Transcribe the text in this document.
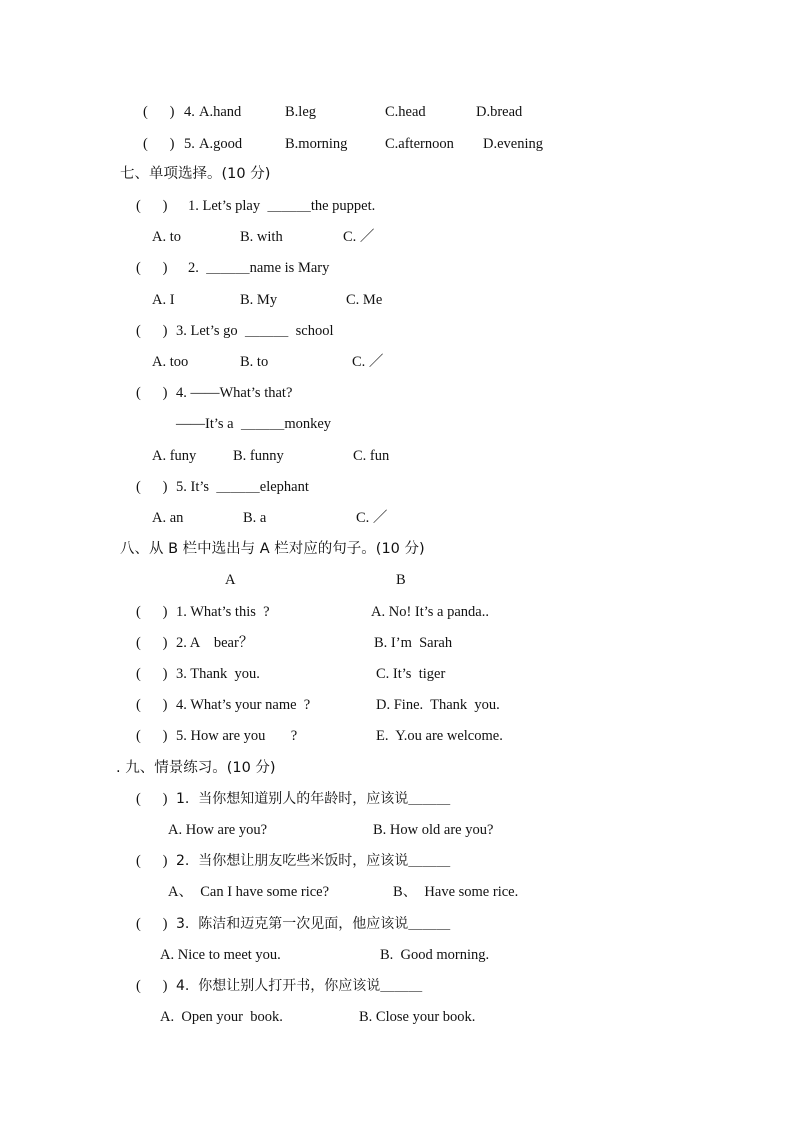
(      ) 4. A.hand	B.leg	C.head	D.bread
(      ) 5. A.good	B.morning	C.afternoon D.evening
七、单项选择。(10 分)
(      ) 1. Let’s play  ＿＿＿the puppet.
A. to	B. with	C. ／
(      ) 2.  ＿＿＿name is Mary
A. I	B. My	C. Me
(      ) 3. Let’s go  ＿＿＿  school
A. too	B. to	C. ／
(      ) 4. ——What’s that?
——It’s a  ＿＿＿monkey
A. funy	B. funny	C. fun
(      ) 5. It’s  ＿＿＿elephant
A. an	B. a	C. ／
八、从 B 栏中选出与 A 栏对应的句子。(10 分)
A	B
(      ) 1. What’s this  ?	A. No! It’s a panda..
(      ) 2. A    bear？	B. I’m  Sarah
(      ) 3. Thank  you.	C. It’s  tiger
(      ) 4. What’s your name  ?	D. Fine.  Thank  you.
(      ) 5. How are you       ?	E.  Y.ou are welcome.
. 九、情景练习。(10 分)
(      ) 1.  当你想知道别人的年龄时，应该说＿＿＿
A. How are you?	B. How old are you?
(      ) 2.  当你想让朋友吃些米饭时，应该说＿＿＿
A、  Can I have some rice?	B、  Have some rice.
(      ) 3.  陈洁和迈克第一次见面，他应该说＿＿＿
A. Nice to meet you.	B.  Good morning.
(      ) 4.  你想让别人打开书，你应该说＿＿＿
A.  Open your  book.	B. Close your book.
